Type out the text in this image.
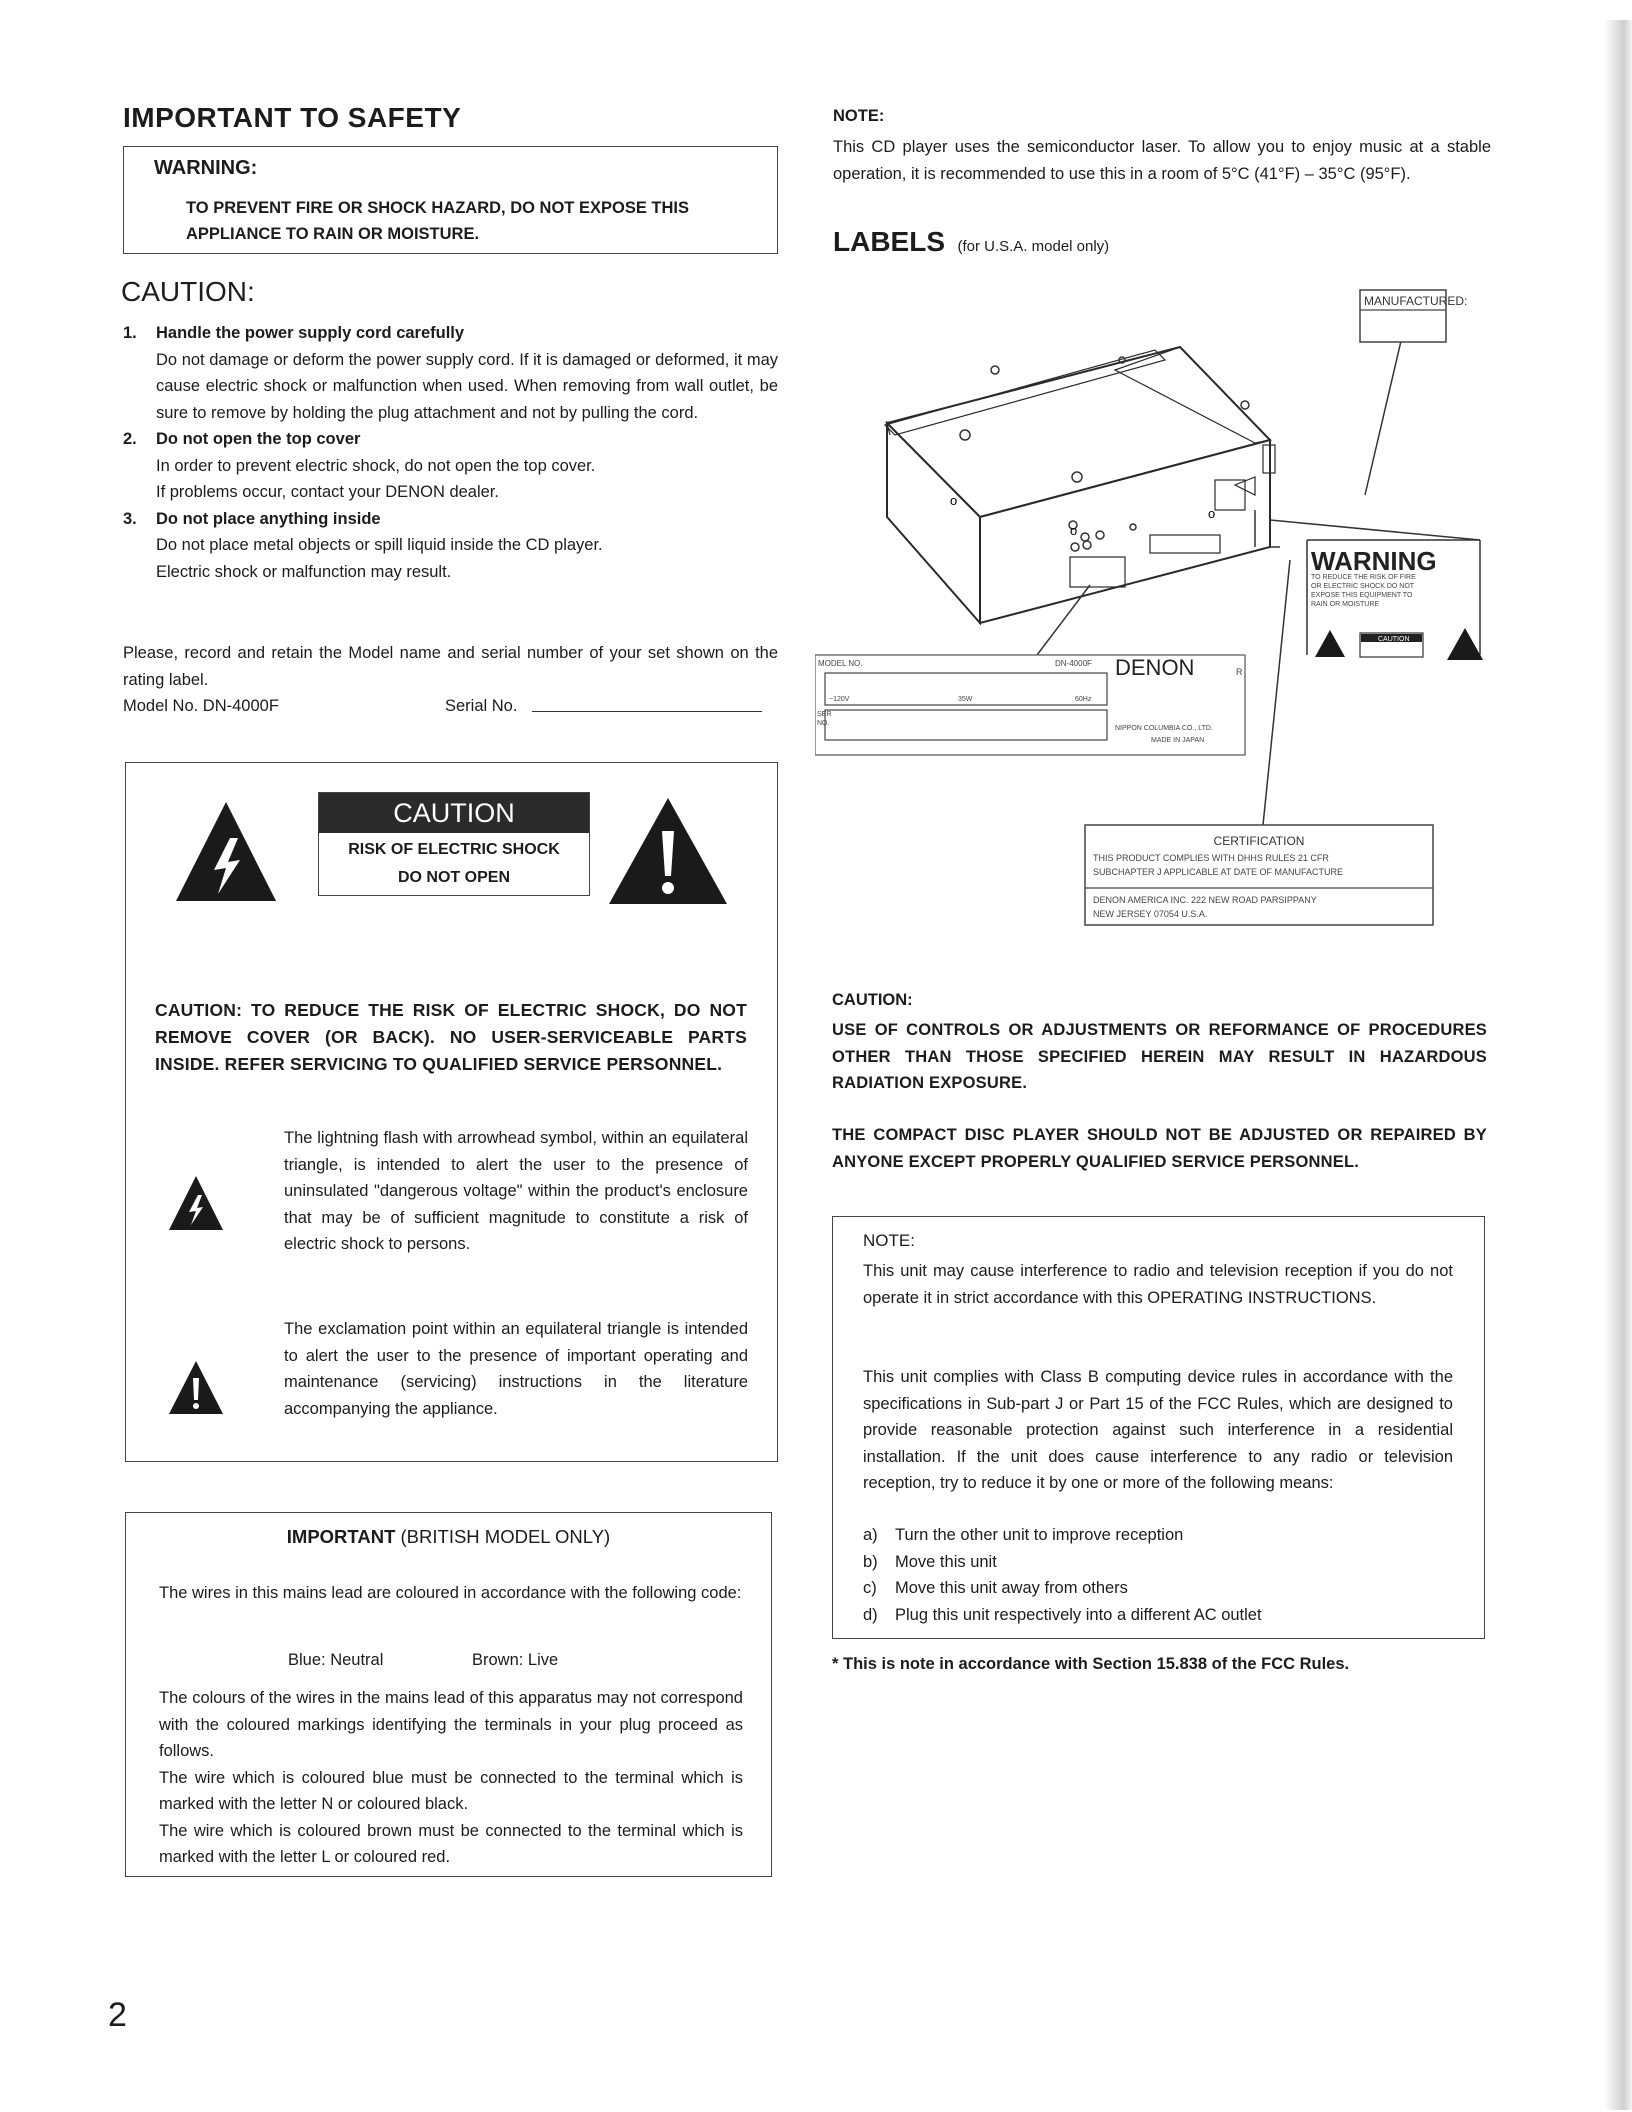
IMPORTANT TO SAFETY
WARNING:
TO PREVENT FIRE OR SHOCK HAZARD, DO NOT EXPOSE THIS
APPLIANCE TO RAIN OR MOISTURE.
CAUTION:
1. Handle the power supply cord carefully
Do not damage or deform the power supply cord. If it is damaged or deformed, it may cause electric shock or malfunction when used. When removing from wall outlet, be sure to remove by holding the plug attachment and not by pulling the cord.
2. Do not open the top cover
In order to prevent electric shock, do not open the top cover.
If problems occur, contact your DENON dealer.
3. Do not place anything inside
Do not place metal objects or spill liquid inside the CD player.
Electric shock or malfunction may result.
Please, record and retain the Model name and serial number of your set shown on the rating label.
Model No. DN-4000F	Serial No.
CAUTION
RISK OF ELECTRIC SHOCK
DO NOT OPEN
CAUTION: TO REDUCE THE RISK OF ELECTRIC SHOCK, DO NOT REMOVE COVER (OR BACK). NO USER-SERVICEABLE PARTS INSIDE. REFER SERVICING TO QUALIFIED SERVICE PERSONNEL.
The lightning flash with arrowhead symbol, within an equilateral triangle, is intended to alert the user to the presence of uninsulated "dangerous voltage" within the product's enclosure that may be of sufficient magnitude to constitute a risk of electric shock to persons.
The exclamation point within an equilateral triangle is intended to alert the user to the presence of important operating and maintenance (servicing) instructions in the literature accompanying the appliance.
IMPORTANT (BRITISH MODEL ONLY)
The wires in this mains lead are coloured in accordance with the following code:
Blue: Neutral	Brown: Live
The colours of the wires in the mains lead of this apparatus may not correspond with the coloured markings identifying the terminals in your plug proceed as follows.
The wire which is coloured blue must be connected to the terminal which is marked with the letter N or coloured black.
The wire which is coloured brown must be connected to the terminal which is marked with the letter L or coloured red.
2
NOTE:
This CD player uses the semiconductor laser. To allow you to enjoy music at a stable operation, it is recommended to use this in a room of 5°C (41°F) – 35°C (95°F).
LABELS (for U.S.A. model only)
o
o
o
MANUFACTURED:
WARNING
TO REDUCE THE RISK OF FIRE OR ELECTRIC SHOCK DO NOT EXPOSE THIS EQUIPMENT TO RAIN OR MOISTURE
CAUTION
MODEL NO.	DN-4000F DENON	R
~120V	35W	60Hz
SER NO.
NIPPON COLUMBIA CO., LTD.
MADE IN JAPAN
CERTIFICATION
THIS PRODUCT COMPLIES WITH DHHS RULES 21 CFR
SUBCHAPTER J APPLICABLE AT DATE OF MANUFACTURE
DENON AMERICA INC. 222 NEW ROAD PARSIPPANY
NEW JERSEY 07054 U.S.A.
CAUTION:
USE OF CONTROLS OR ADJUSTMENTS OR REFORMANCE OF PROCEDURES OTHER THAN THOSE SPECIFIED HEREIN MAY RESULT IN HAZARDOUS RADIATION EXPOSURE.
THE COMPACT DISC PLAYER SHOULD NOT BE ADJUSTED OR REPAIRED BY ANYONE EXCEPT PROPERLY QUALIFIED SERVICE PERSONNEL.
NOTE:
This unit may cause interference to radio and television reception if you do not operate it in strict accordance with this OPERATING INSTRUCTIONS.
This unit complies with Class B computing device rules in accordance with the specifications in Sub-part J or Part 15 of the FCC Rules, which are designed to provide reasonable protection against such interference in a residential installation. If the unit does cause interference to any radio or television reception, try to reduce it by one or more of the following means:
a) Turn the other unit to improve reception
b) Move this unit
c) Move this unit away from others
d) Plug this unit respectively into a different AC outlet
* This is note in accordance with Section 15.838 of the FCC Rules.
